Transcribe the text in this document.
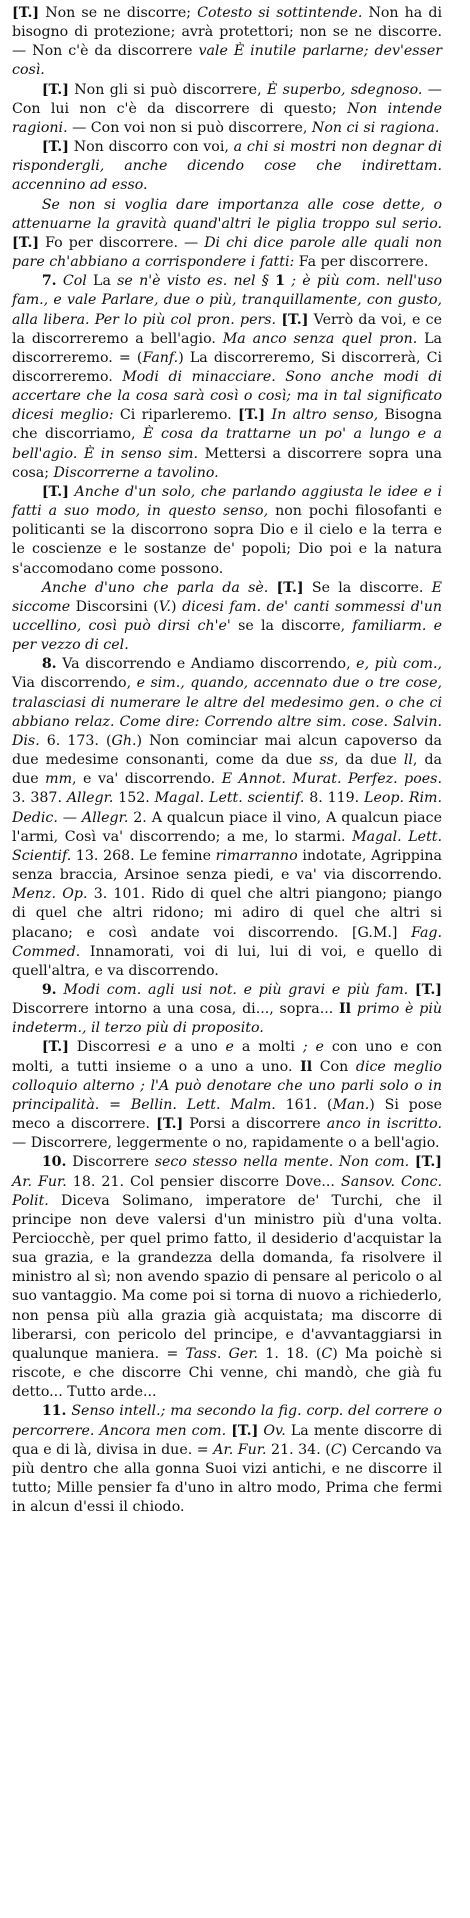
[T.] Non se ne discorre; Cotesto si sottintende. Non ha di bisogno di protezione; avrà protettori; non se ne discorre. — Non c'è da discorrere vale È inutile parlarne; dev'esser così.

[T.] Non gli si può discorrere, È superbo, sdegnoso. — Con lui non c'è da discorrere di questo; Non intende ragioni. — Con voi non si può discorrere, Non ci si ragiona.

[T.] Non discorro con voi, a chi si mostri non degnar di rispondergli, anche dicendo cose che indirettam. accennino ad esso.

Se non si voglia dare importanza alle cose dette, o attenuarne la gravità quand'altri le piglia troppo sul serio. [T.] Fo per discorrere. — Di chi dice parole alle quali non pare ch'abbiano a corrispondere i fatti: Fa per discorrere.

7. Col La se n'è visto es. nel § 1 ; è più com. nell'uso fam., e vale Parlare, due o più, tranquillamente, con gusto, alla libera. Per lo più col pron. pers. [T.] Verrò da voi, e ce la discorreremo a bell'agio. Ma anco senza quel pron. La discorreremo. = (Fanf.) La discorreremo, Si discorrerà, Ci discorreremo. Modi di minacciare. Sono anche modi di accertare che la cosa sarà così o così; ma in tal significato dicesi meglio: Ci riparleremo. [T.] In altro senso, Bisogna che discorriamo, È cosa da trattarne un po' a lungo e a bell'agio. È in senso sim. Mettersi a discorrere sopra una cosa; Discorrerne a tavolino.

[T.] Anche d'un solo, che parlando aggiusta le idee e i fatti a suo modo, in questo senso, non pochi filosofanti e politicanti se la discorrono sopra Dio e il cielo e la terra e le coscienze e le sostanze de' popoli; Dio poi e la natura s'accomodano come possono.

Anche d'uno che parla da sè. [T.] Se la discorre. E siccome Discorsini (V.) dicesi fam. de' canti sommessi d'un uccellino, così può dirsi ch'e' se la discorre, familiarm. e per vezzo di cel.

8. Va discorrendo e Andiamo discorrendo, e, più com., Via discorrendo, e sim., quando, accennato due o tre cose, tralasciasi di numerare le altre del medesimo gen. o che ci abbiano relaz. Come dire: Correndo altre sim. cose. Salvin. Dis. 6. 173. (Gh.) Non cominciar mai alcun capoverso da due medesime consonanti, come da due ss, da due ll, da due mm, e va' discorrendo. E Annot. Murat. Perfez. poes. 3. 387. Allegr. 152. Magal. Lett. scientif. 8. 119. Leop. Rim. Dedic. — Allegr. 2. A qualcun piace il vino, A qualcun piace l'armi, Così va' discorrendo; a me, lo starmi. Magal. Lett. Scientif. 13. 268. Le femine rimarranno indotate, Agrippina senza braccia, Arsinoe senza piedi, e va' via discorrendo. Menz. Op. 3. 101. Rido di quel che altri piangono; piango di quel che altri ridono; mi adiro di quel che altri si placano; e così andate voi discorrendo. [G.M.] Fag. Commed. Innamorati, voi di lui, lui di voi, e quello di quell'altra, e va discorrendo.

9. Modi com. agli usi not. e più gravi e più fam. [T.] Discorrere intorno a una cosa, di..., sopra... Il primo è più indeterm., il terzo più di proposito.

[T.] Discorresi e a uno e a molti ; e con uno e con molti, a tutti insieme o a uno a uno. Il Con dice meglio colloquio alterno ; l'A può denotare che uno parli solo o in principalità. = Bellin. Lett. Malm. 161. (Man.) Si pose meco a discorrere. [T.] Porsi a discorrere anco in iscritto. — Discorrere, leggermente o no, rapidamente o a bell'agio.

10. Discorrere seco stesso nella mente. Non com. [T.] Ar. Fur. 18. 21. Col pensier discorre Dove... Sansov. Conc. Polit. Diceva Solimano, imperatore de' Turchi, che il principe non deve valersi d'un ministro più d'una volta. Perciocchè, per quel primo fatto, il desiderio d'acquistar la sua grazia, e la grandezza della domanda, fa risolvere il ministro al sì; non avendo spazio di pensare al pericolo o al suo vantaggio. Ma come poi si torna di nuovo a richiederlo, non pensa più alla grazia già acquistata; ma discorre di liberarsi, con pericolo del principe, e d'avvantaggiarsi in qualunque maniera. = Tass. Ger. 1. 18. (C) Ma poichè si riscote, e che discorre Chi venne, chi mandò, che già fu detto... Tutto arde...

11. Senso intell.; ma secondo la fig. corp. del correre o percorrere. Ancora men com. [T.] Ov. La mente discorre di qua e di là, divisa in due. = Ar. Fur. 21. 34. (C) Cercando va più dentro che alla gonna Suoi vizi antichi, e ne discorre il tutto; Mille pensier fa d'uno in altro modo, Prima che fermi in alcun d'essi il chiodo.
